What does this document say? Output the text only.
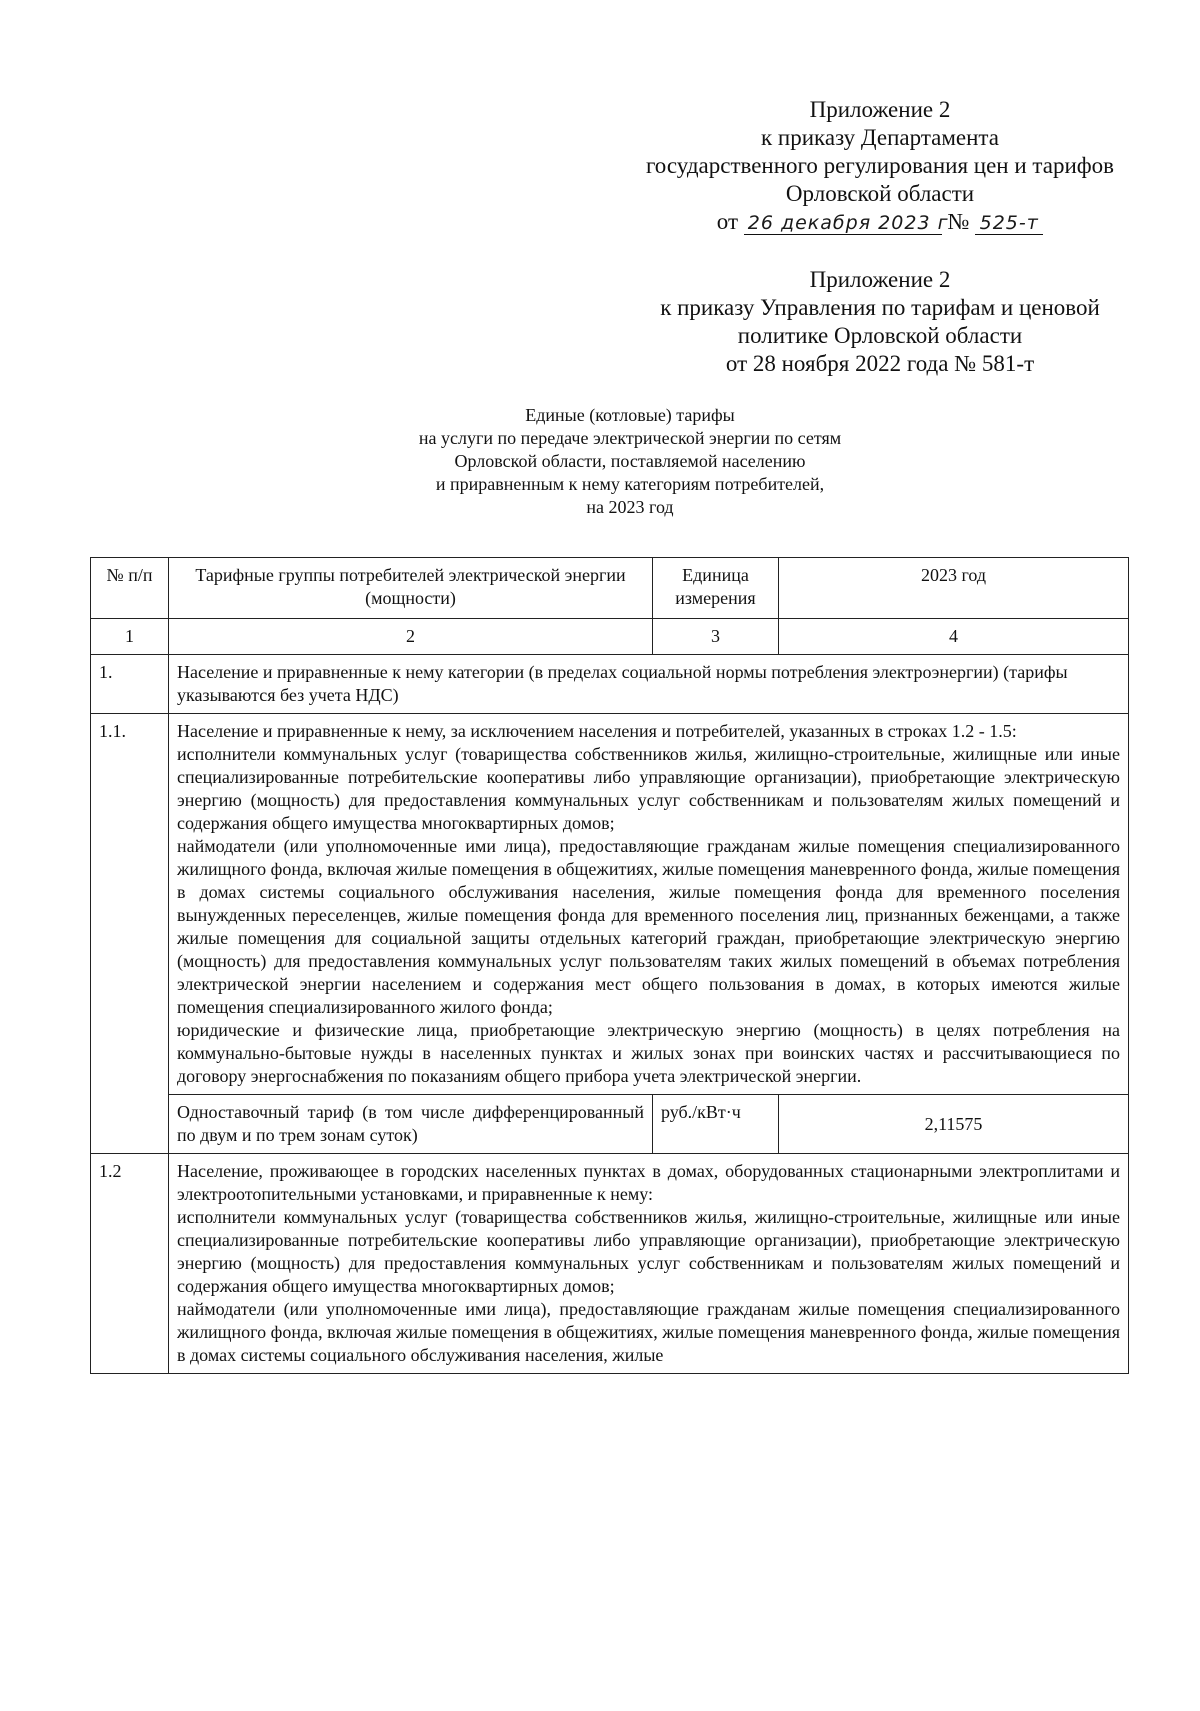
Приложение 2
к приказу Департамента
государственного регулирования цен и тарифов
Орловской области
от 26 декабря 2023 г № 525-т
Приложение 2
к приказу Управления по тарифам и ценовой
политике Орловской области
от 28 ноября 2022 года № 581-т
Единые (котловые) тарифы
на услуги по передаче электрической энергии по сетям
Орловской области, поставляемой населению
и приравненным к нему категориям потребителей,
на 2023 год
№ п/п	Тарифные группы потребителей электрической энергии (мощности)	Единица измерения	2023 год
1	2	3	4
1.	Население и приравненные к нему категории (в пределах социальной нормы потребления электроэнергии) (тарифы указываются без учета НДС)		
1.1.	Население и приравненные к нему, за исключением населения и потребителей, указанных в строках 1.2 - 1.5:

исполнители коммунальных услуг (товарищества собственников жилья, жилищно-строительные, жилищные или иные специализированные потребительские кооперативы либо управляющие организации), приобретающие электрическую энергию (мощность) для предоставления коммунальных услуг собственникам и пользователям жилых помещений и содержания общего имущества многоквартирных домов;

наймодатели (или уполномоченные ими лица), предоставляющие гражданам жилые помещения специализированного жилищного фонда, включая жилые помещения в общежитиях, жилые помещения маневренного фонда, жилые помещения в домах системы социального обслуживания населения, жилые помещения фонда для временного поселения вынужденных переселенцев, жилые помещения фонда для временного поселения лиц, признанных беженцами, а также жилые помещения для социальной защиты отдельных категорий граждан, приобретающие электрическую энергию (мощность) для предоставления коммунальных услуг пользователям таких жилых помещений в объемах потребления электрической энергии населением и содержания мест общего пользования в домах, в которых имеются жилые помещения специализированного жилого фонда;

юридические и физические лица, приобретающие электрическую энергию (мощность) в целях потребления на коммунально-бытовые нужды в населенных пунктах и жилых зонах при воинских частях и рассчитывающиеся по договору энергоснабжения по показаниям общего прибора учета электрической энергии.		

	Одноставочный тариф (в том числе дифференцированный по двум и по трем зонам суток)	руб./кВт·ч	2,11575
1.2	Население, проживающее в городских населенных пунктах в домах, оборудованных стационарными электроплитами и электроотопительными установками, и приравненные к нему:

исполнители коммунальных услуг (товарищества собственников жилья, жилищно-строительные, жилищные или иные специализированные потребительские кооперативы либо управляющие организации), приобретающие электрическую энергию (мощность) для предоставления коммунальных услуг собственникам и пользователям жилых помещений и содержания общего имущества многоквартирных домов;

наймодатели (или уполномоченные ими лица), предоставляющие гражданам жилые помещения специализированного жилищного фонда, включая жилые помещения в общежитиях, жилые помещения маневренного фонда, жилые помещения в домах системы социального обслуживания населения, жилые		
